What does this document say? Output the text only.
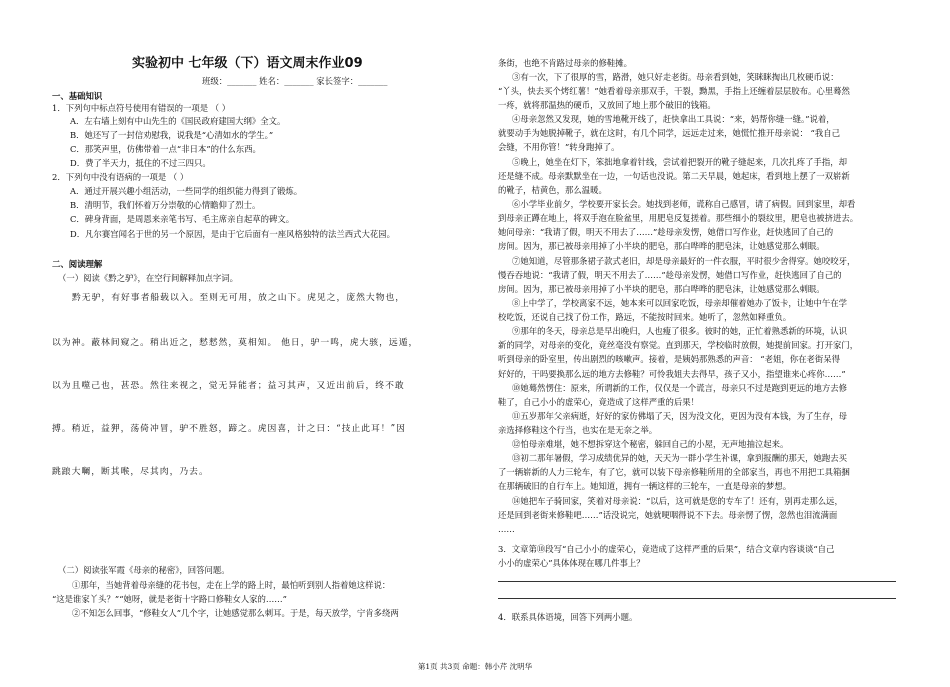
实验初中 七年级（下）语文周末作业09
班级：_______ 姓名：_______ 家长签字：_______
一、基础知识
1．下列句中标点符号使用有错误的一项是 （ ）
A．左右墙上刻有中山先生的《国民政府建国大纲》全文。
B．她还写了一封信劝慰我，说我是“心清如水的学生。”
C．那笑声里，仿佛带着一点“非日本”的什么东西。
D．费了半天力，抵住的不过三四只。
2．下列句中没有语病的一项是 （ ）
A．通过开展兴趣小组活动，一些同学的组织能力得到了锻炼。
B．清明节，我们怀着万分崇敬的心情瞻仰了烈士。
C．碑身背面，是周恩来亲笔书写、毛主席亲自起草的碑文。
D．凡尔赛宫闻名于世的另一个原因，是由于它后面有一座风格独特的法兰西式大花园。
二、阅读理解
（一）阅读《黔之驴》，在空行间解释加点字词。
黔无驴，有好事者船载以入。至则无可用，放之山下。虎见之，庞然大物也，
以为神。蔽林间窥之。稍出近之，慭慭然，莫相知。 他日，驴一鸣，虎大骇，远遁，
以为且噬己也，甚恐。然往来视之，觉无异能者；益习其声，又近出前后，终不敢
搏。稍近，益狎，荡倚冲冒，驴不胜怒，蹄之。虎因喜，计之曰：“技止此耳！”因
跳踉大㘎，断其喉，尽其肉，乃去。
（二）阅读张军霞《母亲的秘密》，回答问题。
①那年，当她背着母亲缝的花书包，走在上学的路上时，最怕听到别人指着她这样说：
“这是谁家丫头？”“她呀，就是老街十字路口修鞋女人家的……”
②不知怎么回事，“修鞋女人”几个字，让她感觉那么刺耳。于是，每天放学，宁肯多绕两
条街，也绝不肯路过母亲的修鞋摊。
③有一次，下了很厚的雪，路滑，她只好走老街。母亲看到她，笑眯眯掏出几枚硬币说：
“丫头，快去买个烤红薯！”她看着母亲那双手，干裂，黝黑，手指上还缠着层层胶布。心里蓦然
一疼，就将那温热的硬币，又放回了地上那个破旧的钱箱。
④母亲忽然又发现，她的雪地靴开线了，赶快拿出工具说：“来，妈帮你缝一缝。”说着，
就要动手为她脱掉靴子，就在这时，有几个同学，远远走过来，她慌忙推开母亲说： “我自己
会缝，不用你管！”转身跑掉了。
⑤晚上，她坐在灯下，笨拙地拿着针线，尝试着把裂开的靴子缝起来，几次扎疼了手指，却
还是缝不成。母亲默默坐在一边，一句话也没说。第二天早晨，她起床，看到地上摆了一双崭新
的靴子，桔黄色，那么温暖。
⑥小学毕业前夕，学校要开家长会。她找到老师，谎称自己感冒，请了病假。回到家里，却看
到母亲正蹲在地上，将双手泡在脸盆里，用肥皂反复搓着。那些细小的裂纹里，肥皂也被挤进去。
她问母亲：“我请了假，明天不用去了……”趁母亲发愣，她借口写作业，赶快逃回了自己的
房间。因为，那已被母亲用掉了小半块的肥皂，那白哗哗的肥皂沫，让她感觉那么刺眼。
⑦她知道，尽管那条裙子款式老旧，却是母亲最好的一件衣服，平时很少舍得穿。她咬咬牙，
慢吞吞地说：“我请了假，明天不用去了……”趁母亲发愣，她借口写作业，赶快逃回了自己的
房间。因为，那已被母亲用掉了小半块的肥皂，那白哗哗的肥皂沫，让她感觉那么刺眼。
⑧上中学了，学校离家不远，她本来可以回家吃饭，母亲却催着她办了饭卡，让她中午在学
校吃饭，还说自己找了份工作，路远，不能按时回来。她听了，忽然如释重负。
⑨那年的冬天，母亲总是早出晚归，人也瘦了很多。彼时的她，正忙着熟悉新的环境，认识
新的同学，对母亲的变化，竟丝毫没有察觉。直到那天，学校临时放假，她提前回家。打开家门，
听到母亲的卧室里，传出剧烈的咳嗽声。接着，是姨妈那熟悉的声音： “老姐，你在老街呆得
好好的，干吗要换那么远的地方去修鞋？可怜我姐夫去得早，孩子又小，指望谁来心疼你……”
⑩她蓦然愣住：原来，所谓新的工作，仅仅是一个谎言，母亲只不过是跑到更远的地方去修
鞋了，自己小小的虚荣心，竟造成了这样严重的后果！
⑪五岁那年父亲病逝，好好的家仿佛塌了天，因为没文化，更因为没有本钱，为了生存，母
亲选择修鞋这个行当，也实在是无奈之举。
⑫怕母亲难堪，她不想拆穿这个秘密，躲回自己的小屋，无声地抽泣起来。
⑬初二那年暑假，学习成绩优异的她，天天为一群小学生补课，拿到报酬的那天，她跑去买
了一辆崭新的人力三轮车，有了它，就可以装下母亲修鞋所用的全部家当，再也不用把工具箱捆
在那辆破旧的自行车上。她知道，拥有一辆这样的三轮车，一直是母亲的梦想。
⑭她把车子骑回家，笑着对母亲说：“以后，这可就是您的专车了！还有，别再走那么远，
还是回到老街来修鞋吧……”话没说完，她就哽咽得说不下去。母亲愣了愣，忽然也泪流满面
……
3．文章第⑩段写“自己小小的虚荣心，竟造成了这样严重的后果”，结合文章内容谈谈“自己
小小的虚荣心”具体体现在哪几件事上？
4．联系具体语境，回答下列两小题。
第1页 共3页 命题：韩小芹 沈明华
